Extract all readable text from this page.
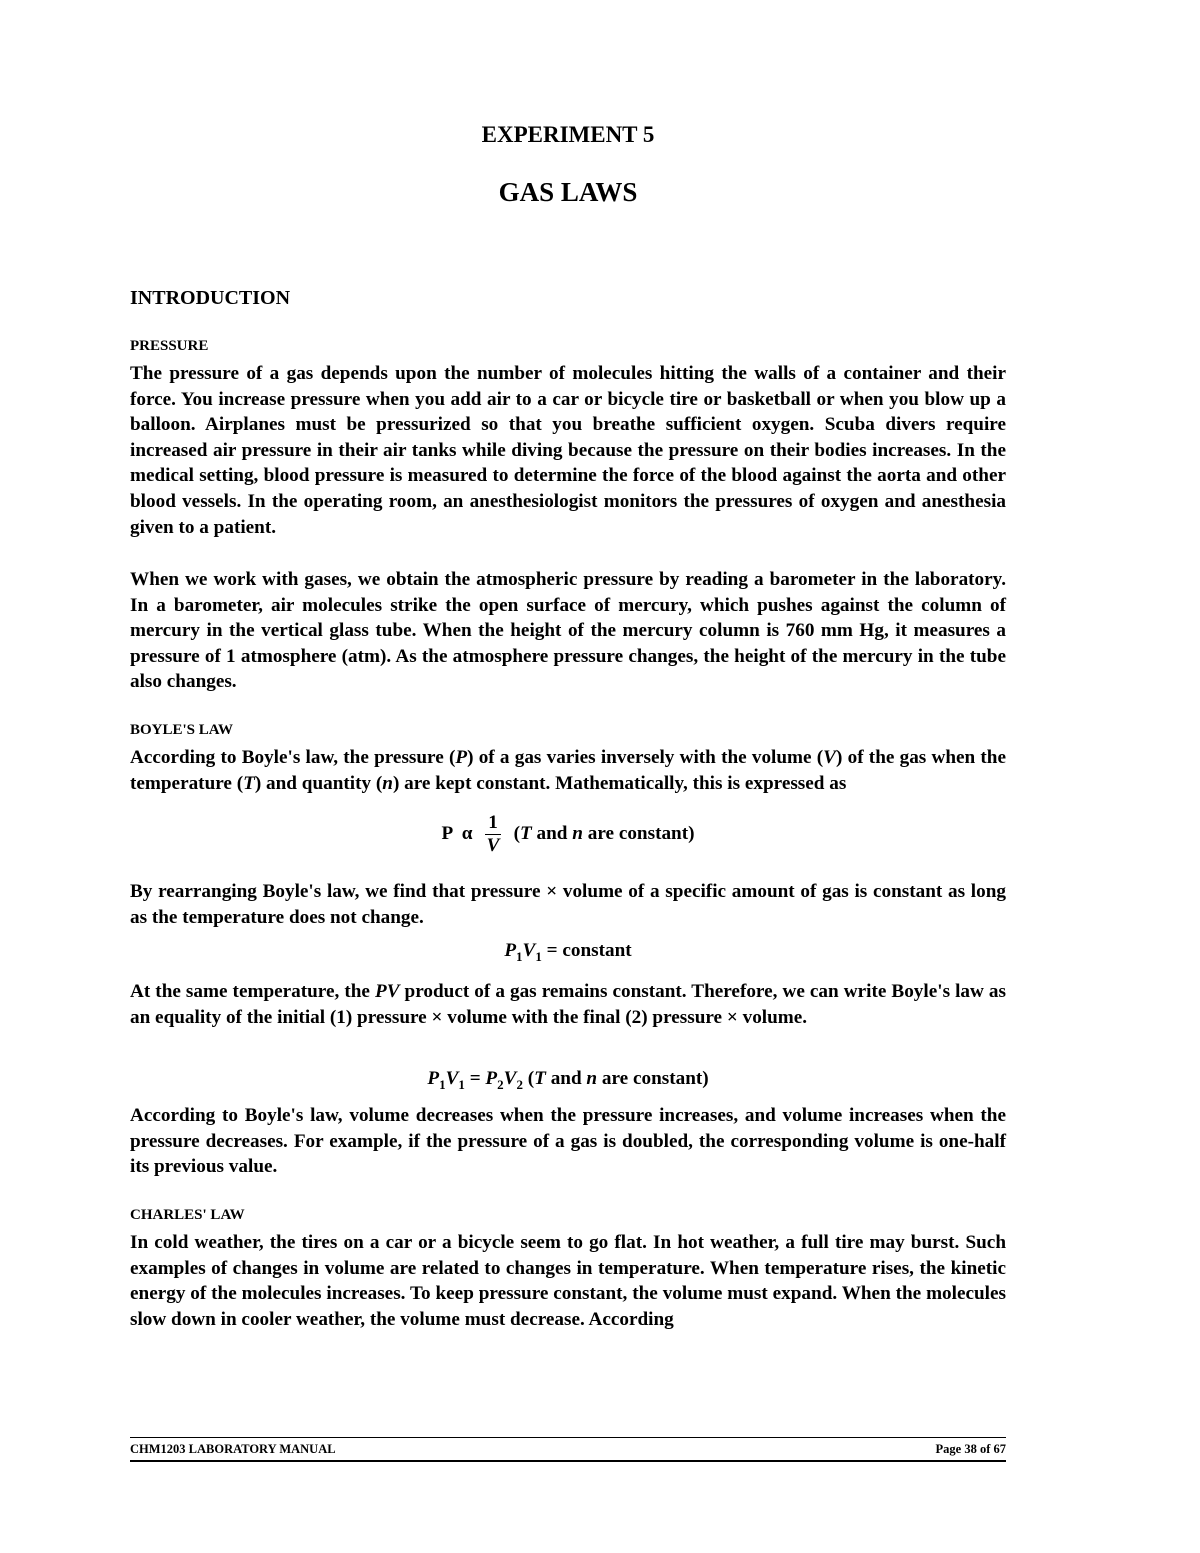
EXPERIMENT 5
GAS LAWS
INTRODUCTION
PRESSURE

The pressure of a gas depends upon the number of molecules hitting the walls of a container and their force. You increase pressure when you add air to a car or bicycle tire or basketball or when you blow up a balloon. Airplanes must be pressurized so that you breathe sufficient oxygen. Scuba divers require increased air pressure in their air tanks while diving because the pressure on their bodies increases. In the medical setting, blood pressure is measured to determine the force of the blood against the aorta and other blood vessels. In the operating room, an anesthesiologist monitors the pressures of oxygen and anesthesia given to a patient.

When we work with gases, we obtain the atmospheric pressure by reading a barometer in the laboratory. In a barometer, air molecules strike the open surface of mercury, which pushes against the column of mercury in the vertical glass tube. When the height of the mercury column is 760 mm Hg, it measures a pressure of 1 atmosphere (atm). As the atmosphere pressure changes, the height of the mercury in the tube also changes.

BOYLE'S LAW

According to Boyle's law, the pressure (P) of a gas varies inversely with the volume (V) of the gas when the temperature (T) and quantity (n) are kept constant. Mathematically, this is expressed as

P  α $\frac{1}{V} (T$ and n are constant)

By rearranging Boyle's law, we find that pressure × volume of a specific amount of gas is constant as long as the temperature does not change.

$P_1V_1$ = constant

At the same temperature, the PV product of a gas remains constant. Therefore, we can write Boyle's law as an equality of the initial (1) pressure × volume with the final (2) pressure × volume.

$P_1V_1 = P_2V_2$ (T and n are constant)

According to Boyle's law, volume decreases when the pressure increases, and volume increases when the pressure decreases. For example, if the pressure of a gas is doubled, the corresponding volume is one-half its previous value.

CHARLES' LAW

In cold weather, the tires on a car or a bicycle seem to go flat. In hot weather, a full tire may burst. Such examples of changes in volume are related to changes in temperature. When temperature rises, the kinetic energy of the molecules increases. To keep pressure constant, the volume must expand. When the molecules slow down in cooler weather, the volume must decrease. According

CHM1203 LABORATORY MANUAL	Page 38 of 67
